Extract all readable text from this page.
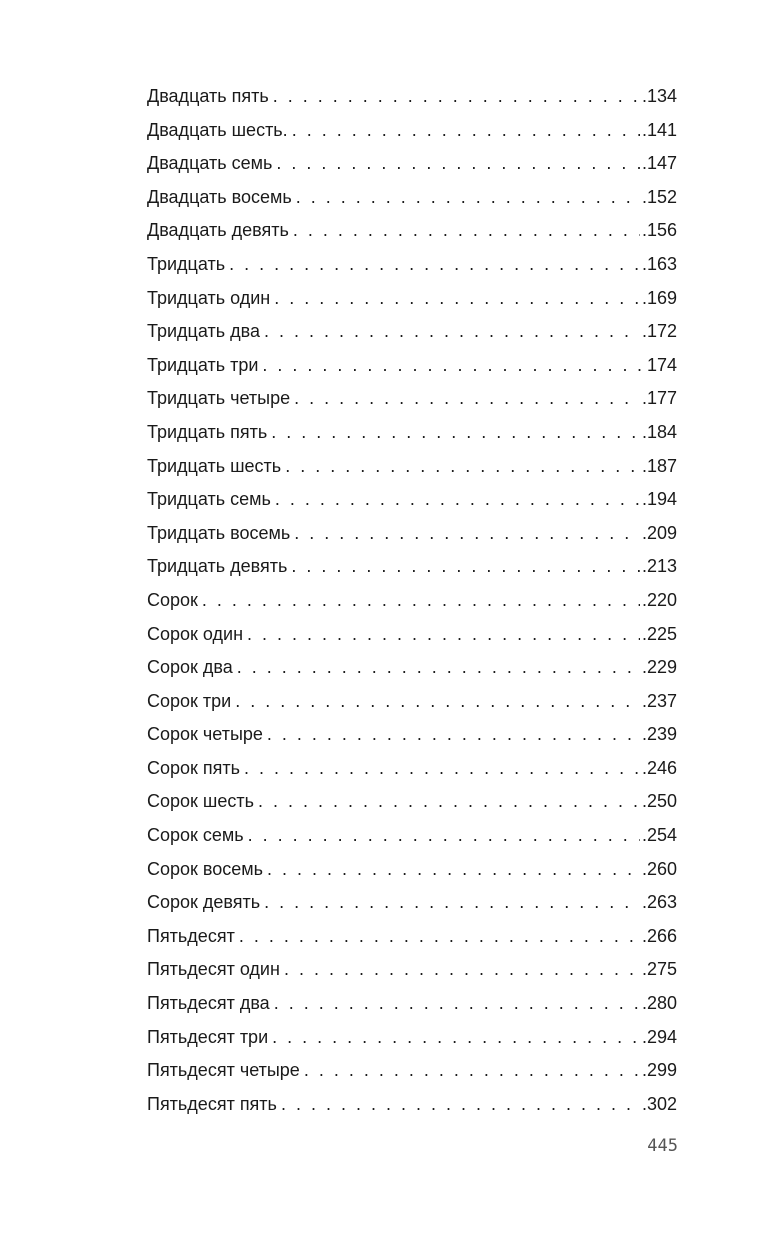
Двадцать пять . . .	.134
Двадцать шесть. . . .	.141
Двадцать семь . . .	.147
Двадцать восемь . . .	.152
Двадцать девять . . .	.156
Тридцать . . .	.163
Тридцать один . . .	.169
Тридцать два . . .	.172
Тридцать три . . .	. 174
Тридцать четыре . . .	.177
Тридцать пять . . .	.184
Тридцать шесть . . .	.187
Тридцать семь . . .	.194
Тридцать восемь . . .	.209
Тридцать девять . . .	.213
Сорок . . .	.220
Сорок один . . .	.225
Сорок два . . .	.229
Сорок три . . .	.237
Сорок четыре . . .	.239
Сорок пять . . .	.246
Сорок шесть . . .	.250
Сорок семь . . .	.254
Сорок восемь . . .	.260
Сорок девять . . .	.263
Пятьдесят . . .	.266
Пятьдесят один . . .	.275
Пятьдесят два . . .	.280
Пятьдесят три . . .	.294
Пятьдесят четыре . . .	.299
Пятьдесят пять . . .	.302
445
